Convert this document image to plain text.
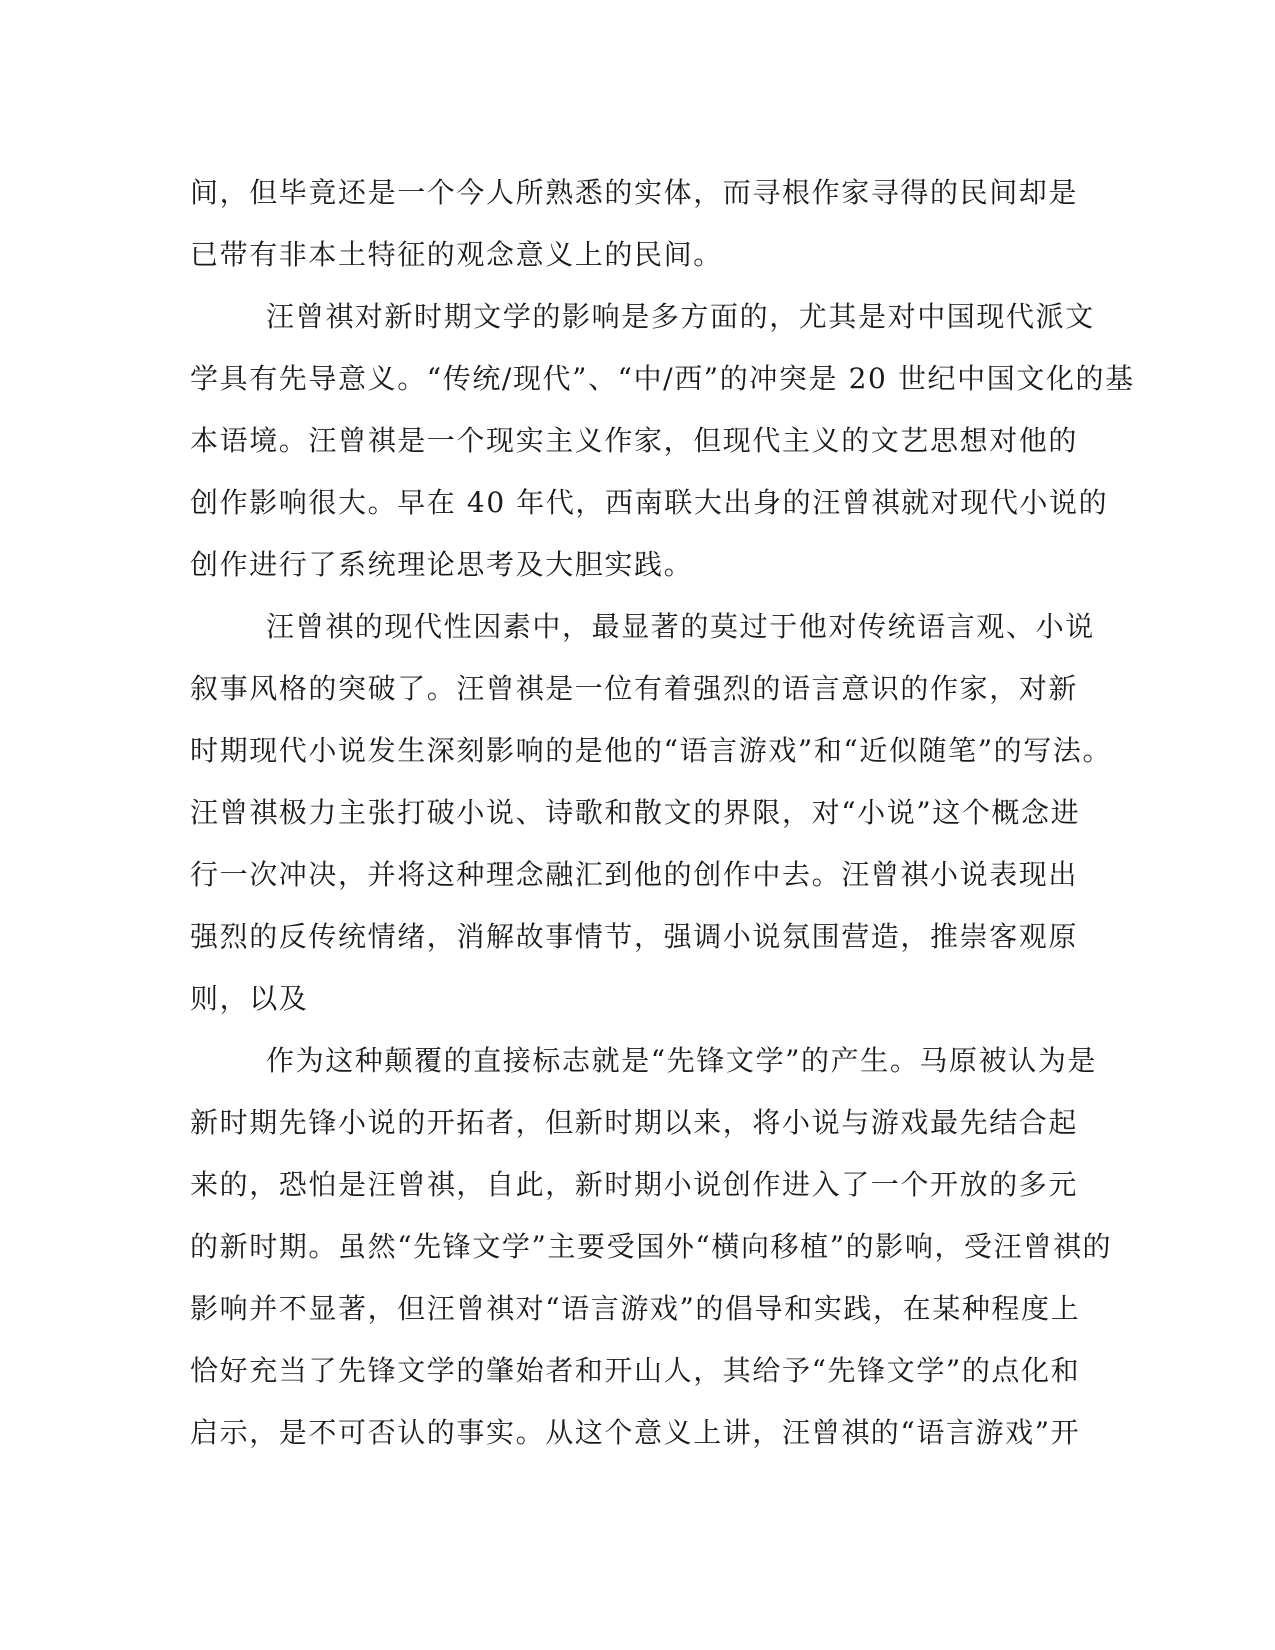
间，但毕竟还是一个今人所熟悉的实体，而寻根作家寻得的民间却是
已带有非本土特征的观念意义上的民间。
汪曾祺对新时期文学的影响是多方面的，尤其是对中国现代派文
学具有先导意义。“传统/现代”、“中/西”的冲突是 20 世纪中国文化的基
本语境。汪曾祺是一个现实主义作家，但现代主义的文艺思想对他的
创作影响很大。早在 40 年代，西南联大出身的汪曾祺就对现代小说的
创作进行了系统理论思考及大胆实践。
汪曾祺的现代性因素中，最显著的莫过于他对传统语言观、小说
叙事风格的突破了。汪曾祺是一位有着强烈的语言意识的作家，对新
时期现代小说发生深刻影响的是他的“语言游戏”和“近似随笔”的写法。
汪曾祺极力主张打破小说、诗歌和散文的界限，对“小说”这个概念进
行一次冲决，并将这种理念融汇到他的创作中去。汪曾祺小说表现出
强烈的反传统情绪，消解故事情节，强调小说氛围营造，推崇客观原
则，以及
作为这种颠覆的直接标志就是“先锋文学”的产生。马原被认为是
新时期先锋小说的开拓者，但新时期以来，将小说与游戏最先结合起
来的，恐怕是汪曾祺，自此，新时期小说创作进入了一个开放的多元
的新时期。虽然“先锋文学”主要受国外“横向移植”的影响，受汪曾祺的
影响并不显著，但汪曾祺对“语言游戏”的倡导和实践，在某种程度上
恰好充当了先锋文学的肇始者和开山人，其给予“先锋文学”的点化和
启示，是不可否认的事实。从这个意义上讲，汪曾祺的“语言游戏”开
